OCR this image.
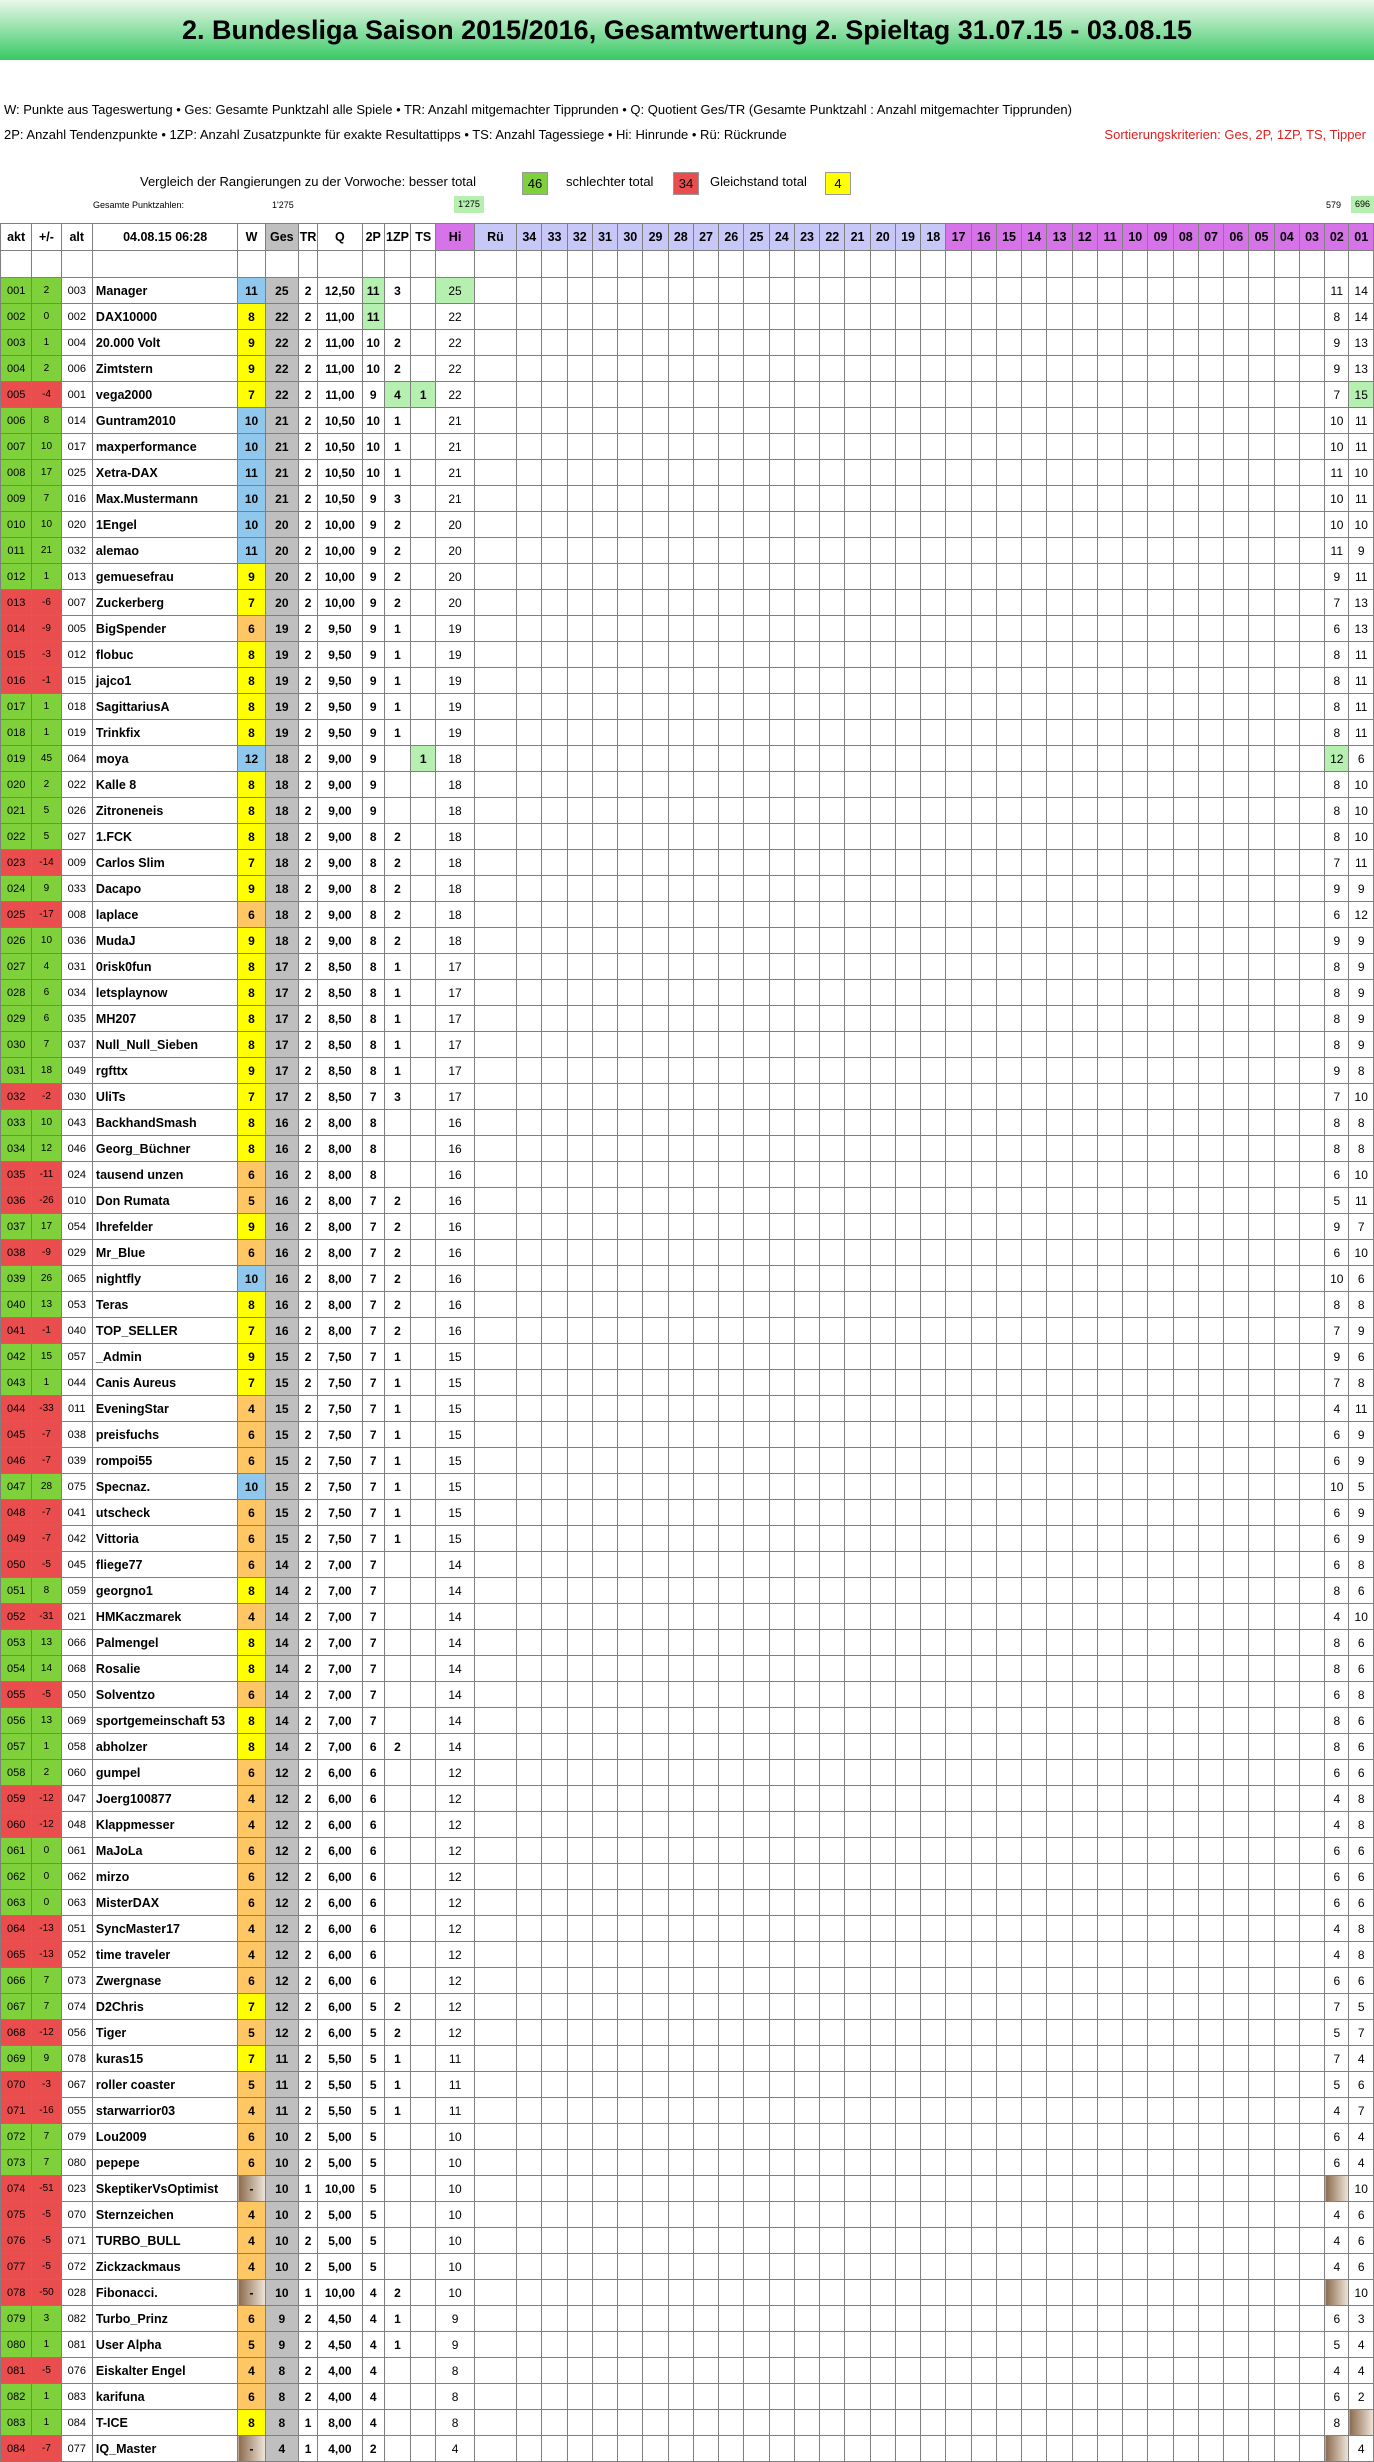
2. Bundesliga Saison 2015/2016, Gesamtwertung 2. Spieltag 31.07.15 - 03.08.15
W: Punkte aus Tageswertung • Ges: Gesamte Punktzahl alle Spiele • TR: Anzahl mitgemachter Tipprunden • Q: Quotient Ges/TR (Gesamte Punktzahl : Anzahl mitgemachter Tipprunden)
2P: Anzahl Tendenzpunkte • 1ZP: Anzahl Zusatzpunkte für exakte Resultattipps • TS: Anzahl Tagessiege • Hi: Hinrunde • Rü: Rückrunde	Sortierungskriterien: Ges, 2P, 1ZP, TS, Tipper
Vergleich der Rangierungen zu der Vorwoche: besser total	46	schlechter total	34	Gleichstand total	4
Gesamte Punktzahlen:	1'275	1'275	579	696
akt	+/-	alt	04.08.15 06:28	W	Ges	TR	Q	2P	1ZP	TS	Hi	Rü	34	33	32	31	30	29	28	27	26	25	24	23	22	21	20	19	18	17	16	15	14	13	12	11	10	09	08	07	06	05	04	03	02	01

001	2	003	Manager	11	25	2	12,50	11	3		25																																		11	14
002	0	002	DAX10000	8	22	2	11,00	11			22																																		8	14
003	1	004	20.000 Volt	9	22	2	11,00	10	2		22																																		9	13
004	2	006	Zimtstern	9	22	2	11,00	10	2		22																																		9	13
005	-4	001	vega2000	7	22	2	11,00	9	4	1	22																																		7	15
006	8	014	Guntram2010	10	21	2	10,50	10	1		21																																		10	11
007	10	017	maxperformance	10	21	2	10,50	10	1		21																																		10	11
008	17	025	Xetra-DAX	11	21	2	10,50	10	1		21																																		11	10
009	7	016	Max.Mustermann	10	21	2	10,50	9	3		21																																		10	11
010	10	020	1Engel	10	20	2	10,00	9	2		20																																		10	10
011	21	032	alemao	11	20	2	10,00	9	2		20																																		11	9
012	1	013	gemuesefrau	9	20	2	10,00	9	2		20																																		9	11
013	-6	007	Zuckerberg	7	20	2	10,00	9	2		20																																		7	13
014	-9	005	BigSpender	6	19	2	9,50	9	1		19																																		6	13
015	-3	012	flobuc	8	19	2	9,50	9	1		19																																		8	11
016	-1	015	jajco1	8	19	2	9,50	9	1		19																																		8	11
017	1	018	SagittariusA	8	19	2	9,50	9	1		19																																		8	11
018	1	019	Trinkfix	8	19	2	9,50	9	1		19																																		8	11
019	45	064	moya	12	18	2	9,00	9		1	18																																		12	6
020	2	022	Kalle 8	8	18	2	9,00	9			18																																		8	10
021	5	026	Zitroneneis	8	18	2	9,00	9			18																																		8	10
022	5	027	1.FCK	8	18	2	9,00	8	2		18																																		8	10
023	-14	009	Carlos Slim	7	18	2	9,00	8	2		18																																		7	11
024	9	033	Dacapo	9	18	2	9,00	8	2		18																																		9	9
025	-17	008	laplace	6	18	2	9,00	8	2		18																																		6	12
026	10	036	MudaJ	9	18	2	9,00	8	2		18																																		9	9
027	4	031	0risk0fun	8	17	2	8,50	8	1		17																																		8	9
028	6	034	letsplaynow	8	17	2	8,50	8	1		17																																		8	9
029	6	035	MH207	8	17	2	8,50	8	1		17																																		8	9
030	7	037	Null_Null_Sieben	8	17	2	8,50	8	1		17																																		8	9
031	18	049	rgfttx	9	17	2	8,50	8	1		17																																		9	8
032	-2	030	UliTs	7	17	2	8,50	7	3		17																																		7	10
033	10	043	BackhandSmash	8	16	2	8,00	8			16																																		8	8
034	12	046	Georg_Büchner	8	16	2	8,00	8			16																																		8	8
035	-11	024	tausend unzen	6	16	2	8,00	8			16																																		6	10
036	-26	010	Don Rumata	5	16	2	8,00	7	2		16																																		5	11
037	17	054	Ihrefelder	9	16	2	8,00	7	2		16																																		9	7
038	-9	029	Mr_Blue	6	16	2	8,00	7	2		16																																		6	10
039	26	065	nightfly	10	16	2	8,00	7	2		16																																		10	6
040	13	053	Teras	8	16	2	8,00	7	2		16																																		8	8
041	-1	040	TOP_SELLER	7	16	2	8,00	7	2		16																																		7	9
042	15	057	_Admin	9	15	2	7,50	7	1		15																																		9	6
043	1	044	Canis Aureus	7	15	2	7,50	7	1		15																																		7	8
044	-33	011	EveningStar	4	15	2	7,50	7	1		15																																		4	11
045	-7	038	preisfuchs	6	15	2	7,50	7	1		15																																		6	9
046	-7	039	rompoi55	6	15	2	7,50	7	1		15																																		6	9
047	28	075	Specnaz.	10	15	2	7,50	7	1		15																																		10	5
048	-7	041	utscheck	6	15	2	7,50	7	1		15																																		6	9
049	-7	042	Vittoria	6	15	2	7,50	7	1		15																																		6	9
050	-5	045	fliege77	6	14	2	7,00	7			14																																		6	8
051	8	059	georgno1	8	14	2	7,00	7			14																																		8	6
052	-31	021	HMKaczmarek	4	14	2	7,00	7			14																																		4	10
053	13	066	Palmengel	8	14	2	7,00	7			14																																		8	6
054	14	068	Rosalie	8	14	2	7,00	7			14																																		8	6
055	-5	050	Solventzo	6	14	2	7,00	7			14																																		6	8
056	13	069	sportgemeinschaft 53	8	14	2	7,00	7			14																																		8	6
057	1	058	abholzer	8	14	2	7,00	6	2		14																																		8	6
058	2	060	gumpel	6	12	2	6,00	6			12																																		6	6
059	-12	047	Joerg100877	4	12	2	6,00	6			12																																		4	8
060	-12	048	Klappmesser	4	12	2	6,00	6			12																																		4	8
061	0	061	MaJoLa	6	12	2	6,00	6			12																																		6	6
062	0	062	mirzo	6	12	2	6,00	6			12																																		6	6
063	0	063	MisterDAX	6	12	2	6,00	6			12																																		6	6
064	-13	051	SyncMaster17	4	12	2	6,00	6			12																																		4	8
065	-13	052	time traveler	4	12	2	6,00	6			12																																		4	8
066	7	073	Zwergnase	6	12	2	6,00	6			12																																		6	6
067	7	074	D2Chris	7	12	2	6,00	5	2		12																																		7	5
068	-12	056	Tiger	5	12	2	6,00	5	2		12																																		5	7
069	9	078	kuras15	7	11	2	5,50	5	1		11																																		7	4
070	-3	067	roller coaster	5	11	2	5,50	5	1		11																																		5	6
071	-16	055	starwarrior03	4	11	2	5,50	5	1		11																																		4	7
072	7	079	Lou2009	6	10	2	5,00	5			10																																		6	4
073	7	080	pepepe	6	10	2	5,00	5			10																																		6	4
074	-51	023	SkeptikerVsOptimist	-	10	1	10,00	5			10																																			10
075	-5	070	Sternzeichen	4	10	2	5,00	5			10																																		4	6
076	-5	071	TURBO_BULL	4	10	2	5,00	5			10																																		4	6
077	-5	072	Zickzackmaus	4	10	2	5,00	5			10																																		4	6
078	-50	028	Fibonacci.	-	10	1	10,00	4	2		10																																			10
079	3	082	Turbo_Prinz	6	9	2	4,50	4	1		9																																		6	3
080	1	081	User Alpha	5	9	2	4,50	4	1		9																																		5	4
081	-5	076	Eiskalter Engel	4	8	2	4,00	4			8																																		4	4
082	1	083	karifuna	6	8	2	4,00	4			8																																		6	2
083	1	084	T-ICE	8	8	1	8,00	4			8																																		8	
084	-7	077	IQ_Master	-	4	1	4,00	2			4																																			4
